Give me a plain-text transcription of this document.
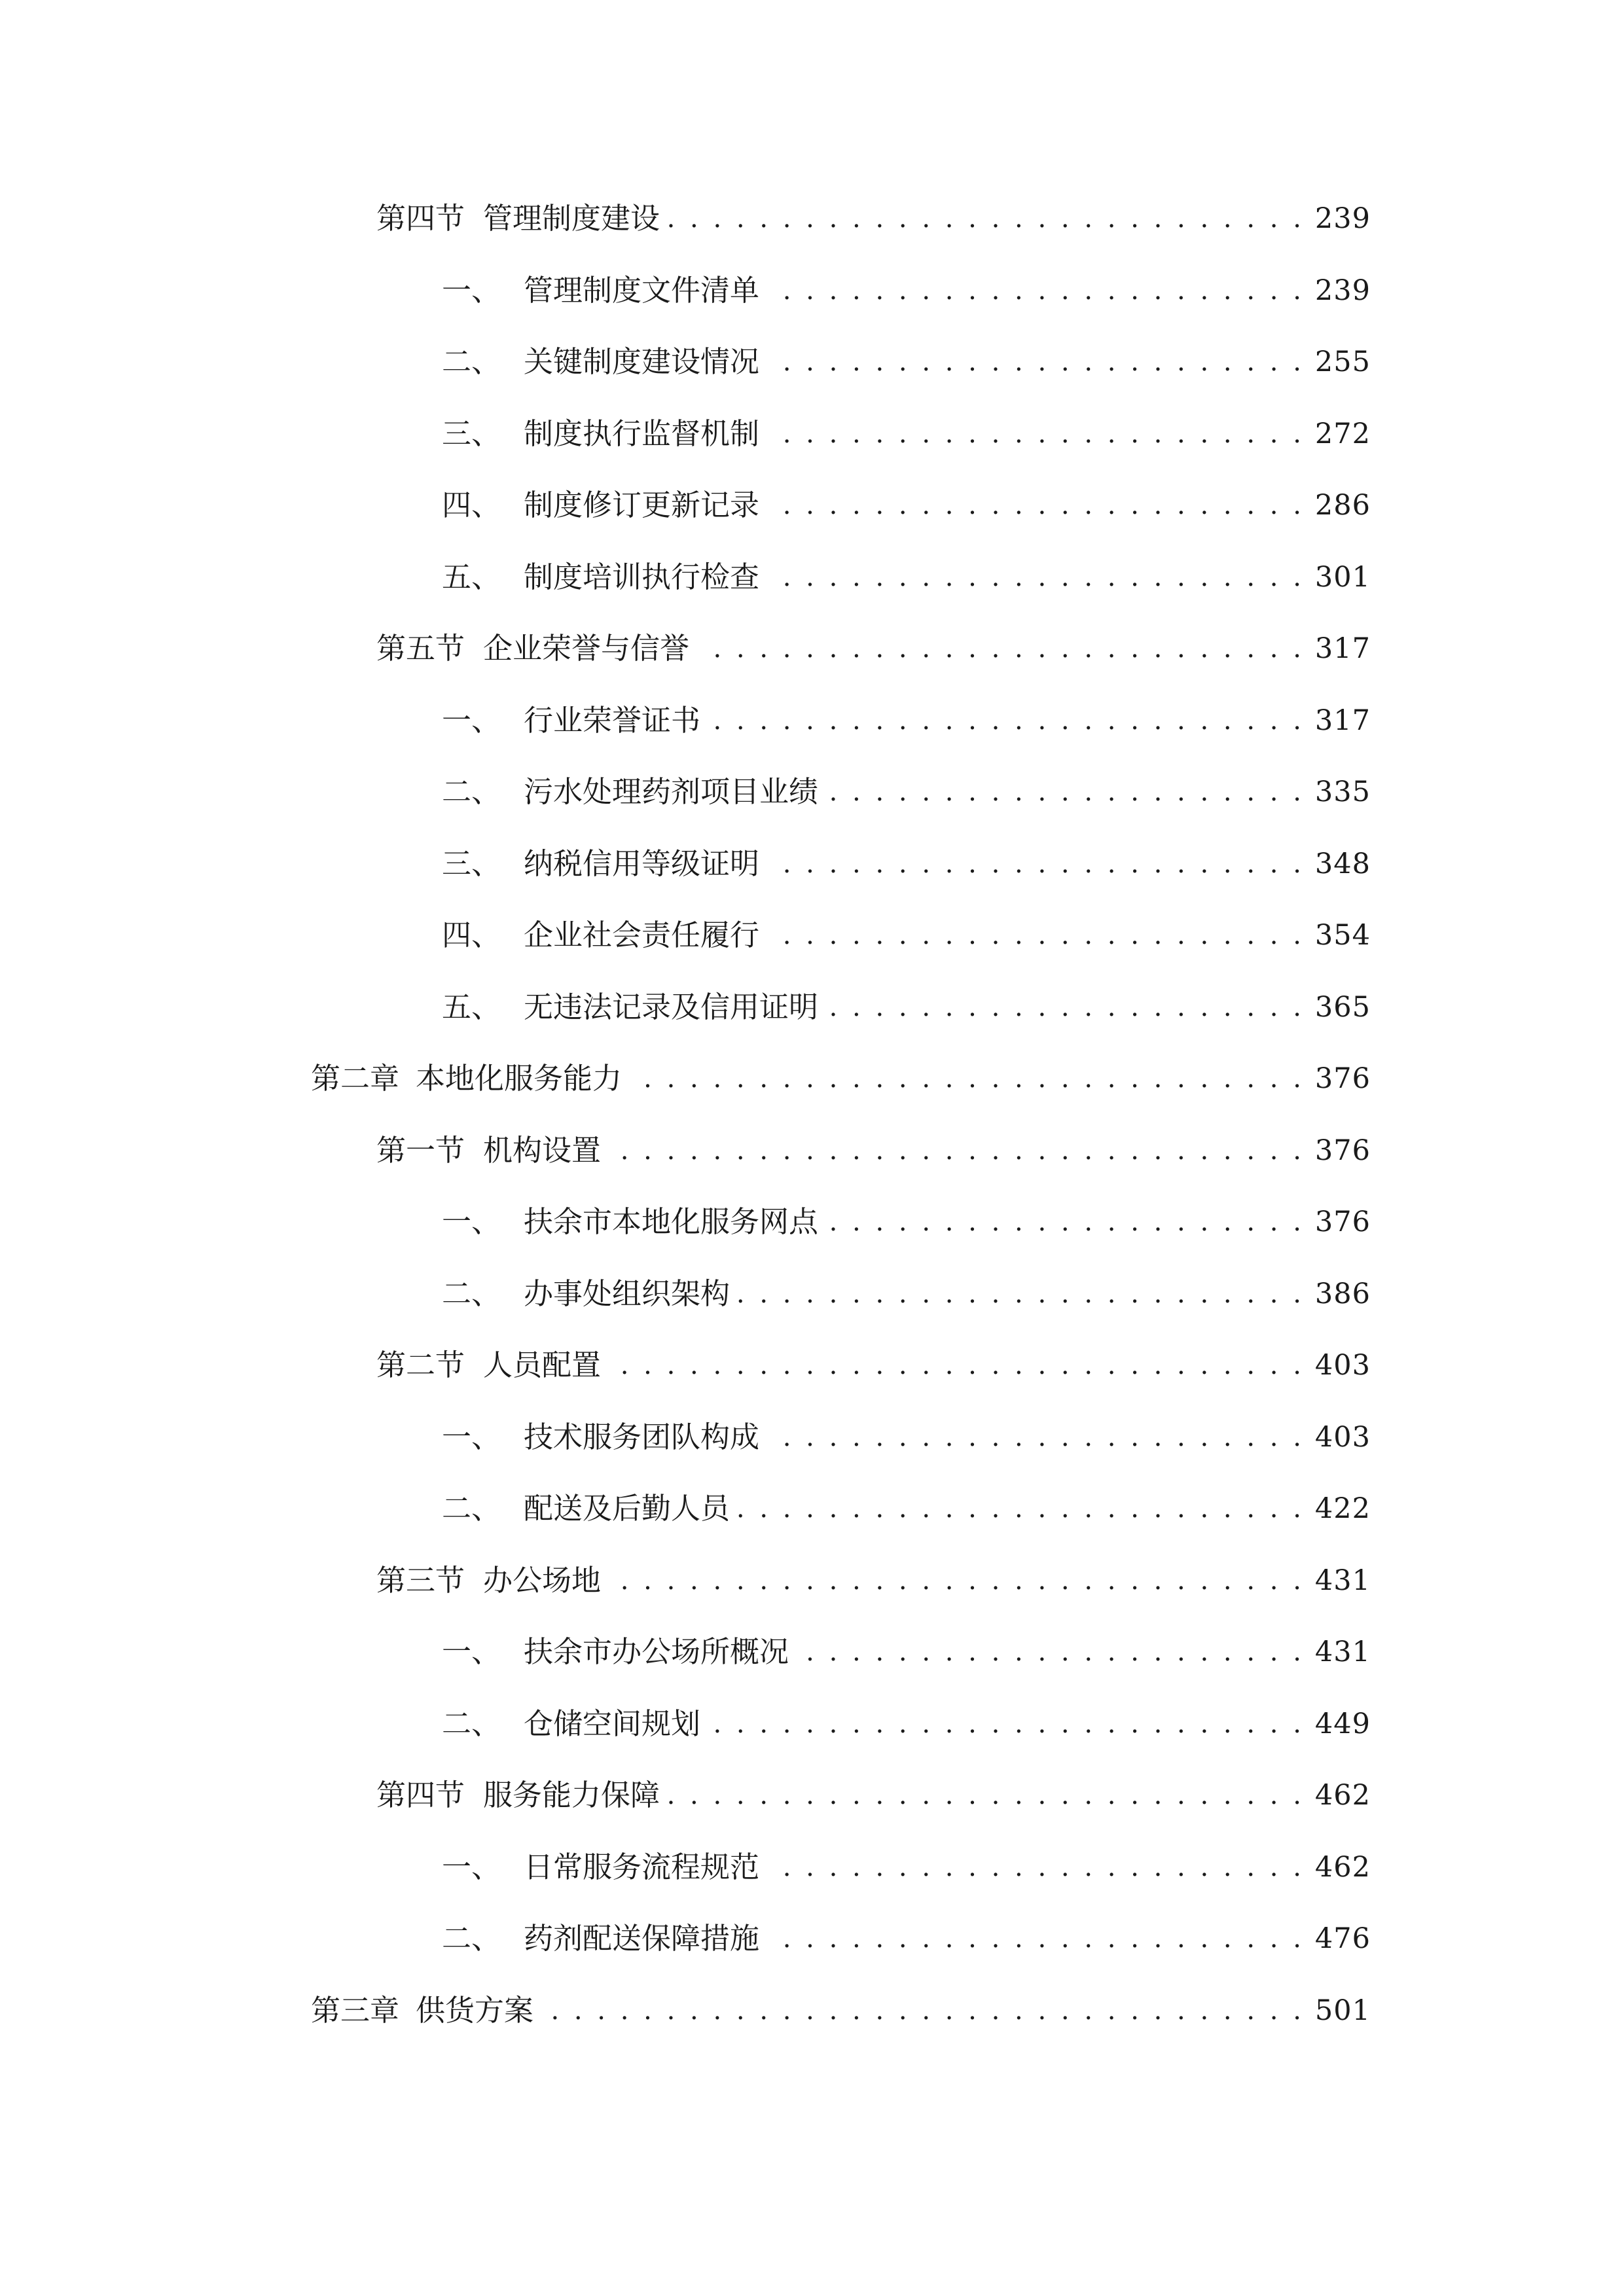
第四节 管理制度建设 . . .	239
一、 管理制度文件清单 . . .	239
二、 关键制度建设情况 . . .	255
三、 制度执行监督机制 . . .	272
四、 制度修订更新记录 . . .	286
五、 制度培训执行检查 . . .	301
第五节 企业荣誉与信誉 . . .	317
一、 行业荣誉证书 . . .	317
二、 污水处理药剂项目业绩 . . .	335
三、 纳税信用等级证明 . . .	348
四、 企业社会责任履行 . . .	354
五、 无违法记录及信用证明 . . .	365
第二章 本地化服务能力 . . .	376
第一节 机构设置 . . .	376
一、 扶余市本地化服务网点 . . .	376
二、 办事处组织架构 . . .	386
第二节 人员配置 . . .	403
一、 技术服务团队构成 . . .	403
二、 配送及后勤人员 . . .	422
第三节 办公场地 . . .	431
一、 扶余市办公场所概况 . . .	431
二、 仓储空间规划 . . .	449
第四节 服务能力保障 . . .	462
一、 日常服务流程规范 . . .	462
二、 药剂配送保障措施 . . .	476
第三章 供货方案 . . .	501
